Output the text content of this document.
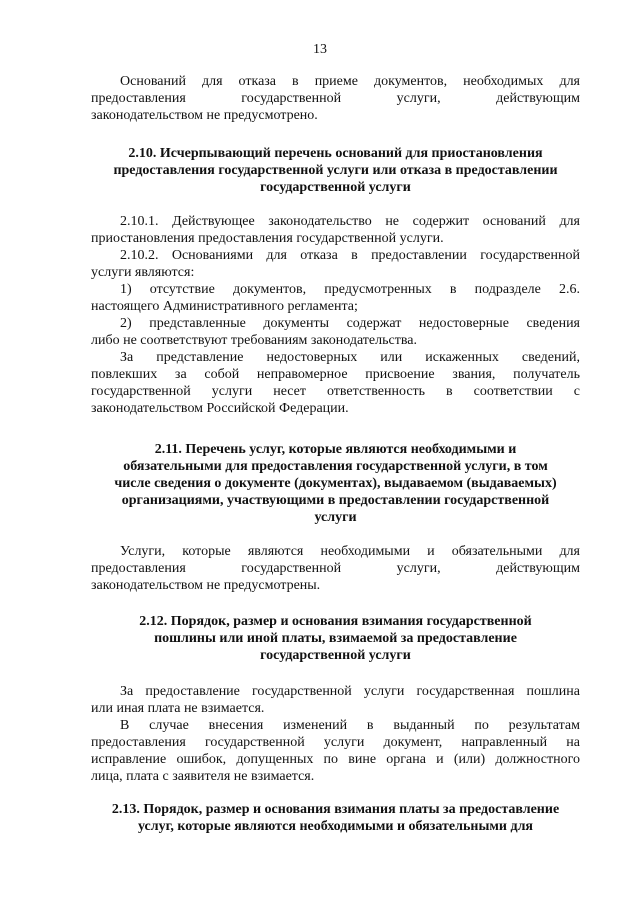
13

Оснований для отказа в приеме документов, необходимых для

предоставления государственной услуги, действующим

законодательством не предусмотрено.

2.10. Исчерпывающий перечень оснований для приостановления

предоставления государственной услуги или отказа в предоставлении

государственной услуги

2.10.1. Действующее законодательство не содержит оснований для

приостановления предоставления государственной услуги.

2.10.2. Основаниями для отказа в предоставлении государственной

услуги являются:

1) отсутствие документов, предусмотренных в подразделе 2.6.

настоящего Административного регламента;

2) представленные документы содержат недостоверные сведения

либо не соответствуют требованиям законодательства.

За представление недостоверных или искаженных сведений,

повлекших за собой неправомерное присвоение звания, получатель

государственной услуги несет ответственность в соответствии с

законодательством Российской Федерации.

2.11. Перечень услуг, которые являются необходимыми и

обязательными для предоставления государственной услуги, в том

числе сведения о документе (документах), выдаваемом (выдаваемых)

организациями, участвующими в предоставлении государственной

услуги

Услуги, которые являются необходимыми и обязательными для

предоставления государственной услуги, действующим

законодательством не предусмотрены.

2.12. Порядок, размер и основания взимания государственной

пошлины или иной платы, взимаемой за предоставление

государственной услуги

За предоставление государственной услуги государственная пошлина

или иная плата не взимается.

В случае внесения изменений в выданный по результатам

предоставления государственной услуги документ, направленный на

исправление ошибок, допущенных по вине органа и (или) должностного

лица, плата с заявителя не взимается.

2.13. Порядок, размер и основания взимания платы за предоставление

услуг, которые являются необходимыми и обязательными для
